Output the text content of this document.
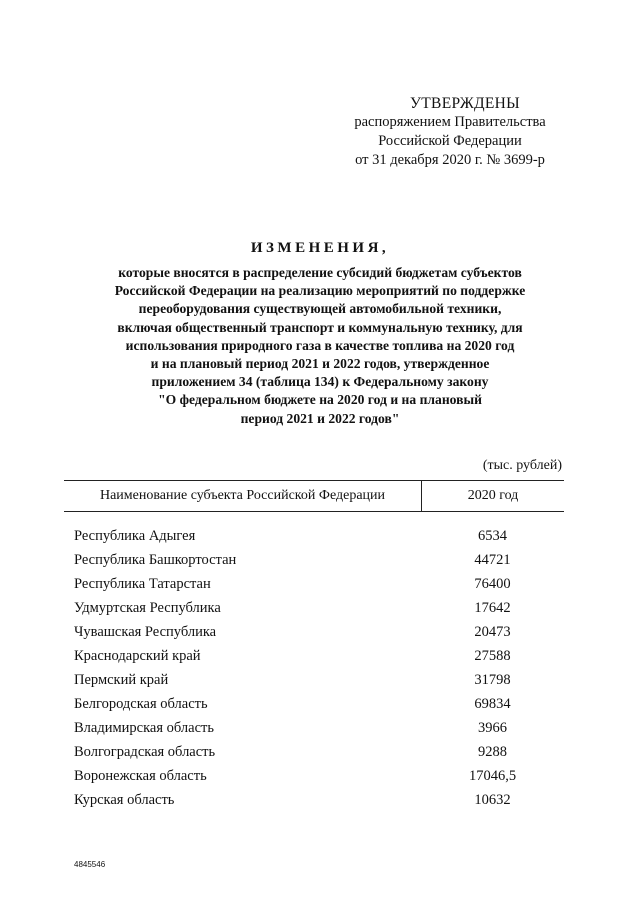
УТВЕРЖДЕНЫ
распоряжением Правительства
Российской Федерации
от 31 декабря 2020 г. № 3699-р
ИЗМЕНЕНИЯ,
которые вносятся в распределение субсидий бюджетам субъектов
Российской Федерации на реализацию мероприятий по поддержке
переоборудования существующей автомобильной техники,
включая общественный транспорт и коммунальную технику, для
использования природного газа в качестве топлива на 2020 год
и на плановый период 2021 и 2022 годов, утвержденное
приложением 34 (таблица 134) к Федеральному закону
"О федеральном бюджете на 2020 год и на плановый
период 2021 и 2022 годов"
(тыс. рублей)
Наименование субъекта Российской Федерации	2020 год
Республика Адыгея	6534
Республика Башкортостан	44721
Республика Татарстан	76400
Удмуртская Республика	17642
Чувашская Республика	20473
Краснодарский край	27588
Пермский край	31798
Белгородская область	69834
Владимирская область	3966
Волгоградская область	9288
Воронежская область	17046,5
Курская область	10632
4845546
